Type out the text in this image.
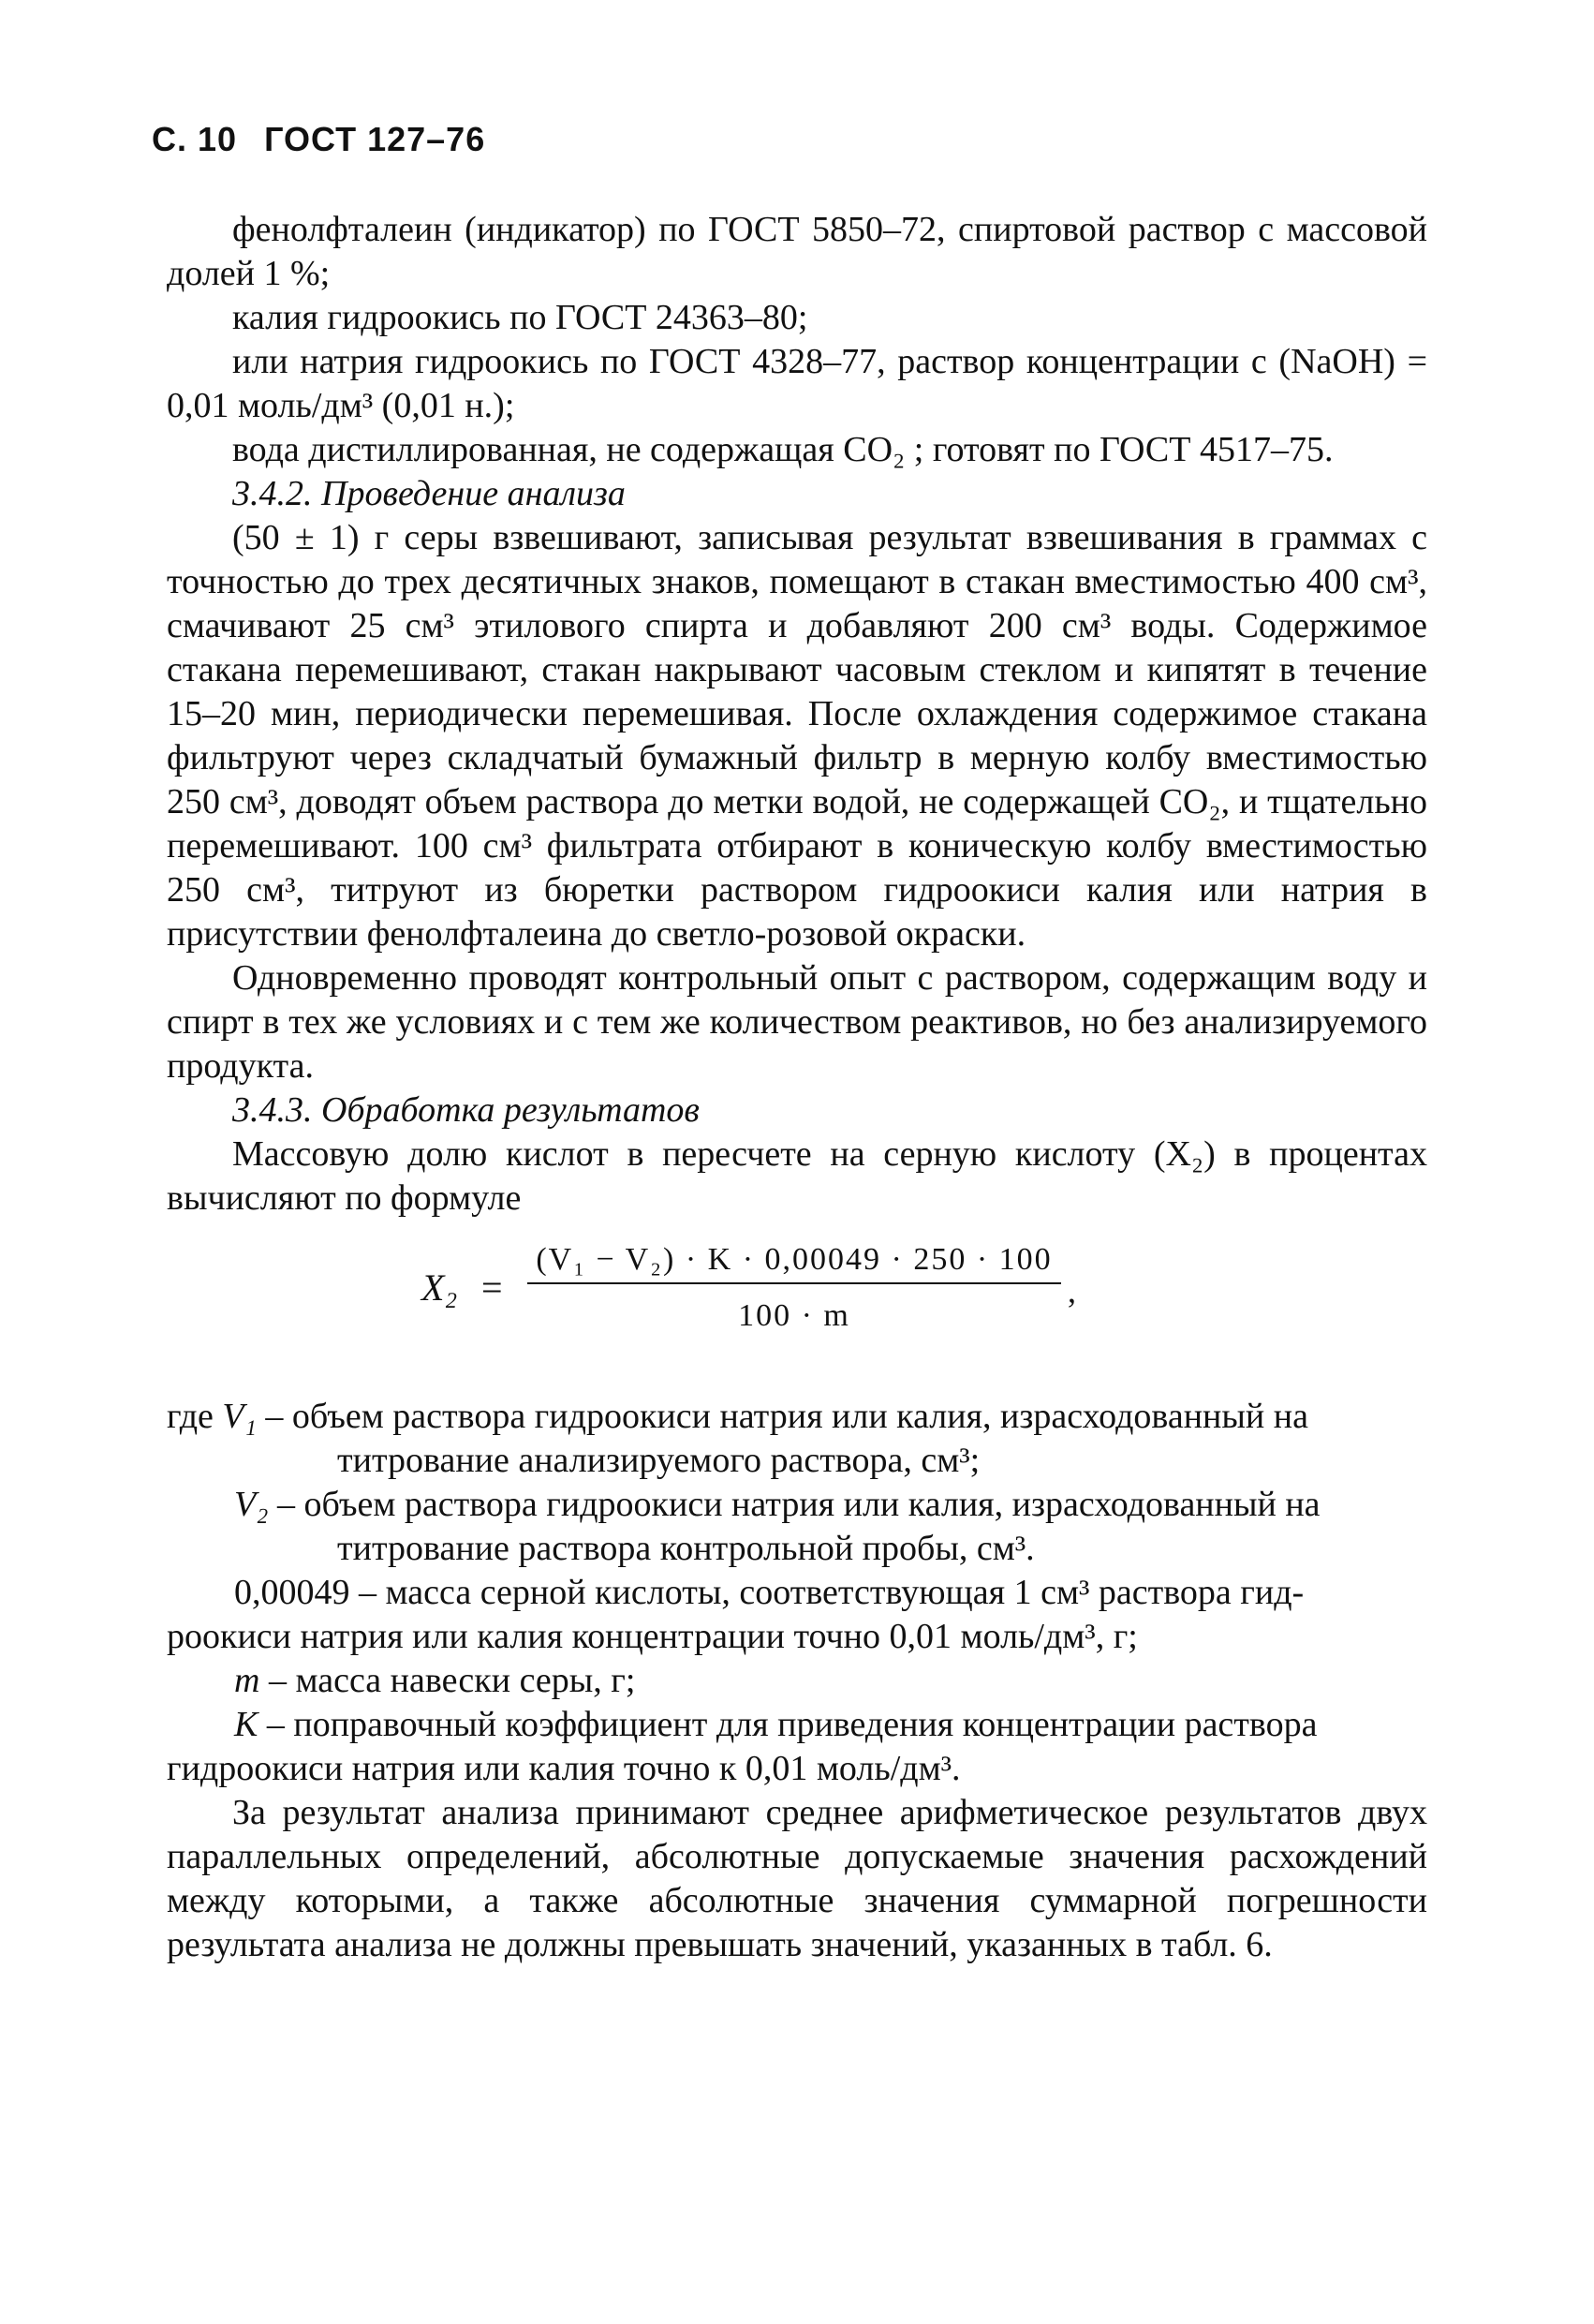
С. 10 ГОСТ 127–76

фенолфталеин (индикатор) по ГОСТ 5850–72, спиртовой раствор с массовой долей 1 %;

калия гидроокись по ГОСТ 24363–80;

или натрия гидроокись по ГОСТ 4328–77, раствор концентрации c (NaOH) = 0,01 моль/дм³ (0,01 н.);

вода дистиллированная, не содержащая CO₂ ; готовят по ГОСТ 4517–75.

3.4.2. Проведение анализа

(50 ± 1) г серы взвешивают, записывая результат взвешивания в граммах с точностью до трех десятичных знаков, помещают в стакан вместимостью 400 см³, смачивают 25 см³ этилового спирта и добавляют 200 см³ воды. Содержимое стакана перемешивают, стакан накрывают часовым стеклом и кипятят в течение 15–20 мин, периодически перемешивая. После охлаждения содержимое стакана фильтруют через складчатый бумажный фильтр в мерную колбу вместимостью 250 см³, доводят объем раствора до метки водой, не содержащей CO₂, и тщательно перемешивают. 100 см³ фильтрата отбирают в коническую колбу вместимостью 250 см³, титруют из бюретки раствором гидроокиси калия или натрия в присутствии фенолфталеина до светло-розовой окраски.

Одновременно проводят контрольный опыт с раствором, содержащим воду и спирт в тех же условиях и с тем же количеством реактивов, но без анализируемого продукта.

3.4.3. Обработка результатов

Массовую долю кислот в пересчете на серную кислоту (X₂) в процентах вычисляют по формуле

X₂ =
(V₁ − V₂) · K · 0,00049 · 250 · 100
100 · m
,

где V₁ – объем раствора гидроокиси натрия или калия, израсходованный на
титрование анализируемого раствора, см³;

V₂ – объем раствора гидроокиси натрия или калия, израсходованный на
титрование раствора контрольной пробы, см³.

0,00049 – масса серной кислоты, соответствующая 1 см³ раствора гид-
роокиси натрия или калия концентрации точно 0,01 моль/дм³, г;

m – масса навески серы, г;

K – поправочный коэффициент для приведения концентрации раствора
гидроокиси натрия или калия точно к 0,01 моль/дм³.

За результат анализа принимают среднее арифметическое результатов двух параллельных определений, абсолютные допускаемые значения расхождений между которыми, а также абсолютные значения суммарной погрешности результата анализа не должны превышать значений, указанных в табл. 6.
